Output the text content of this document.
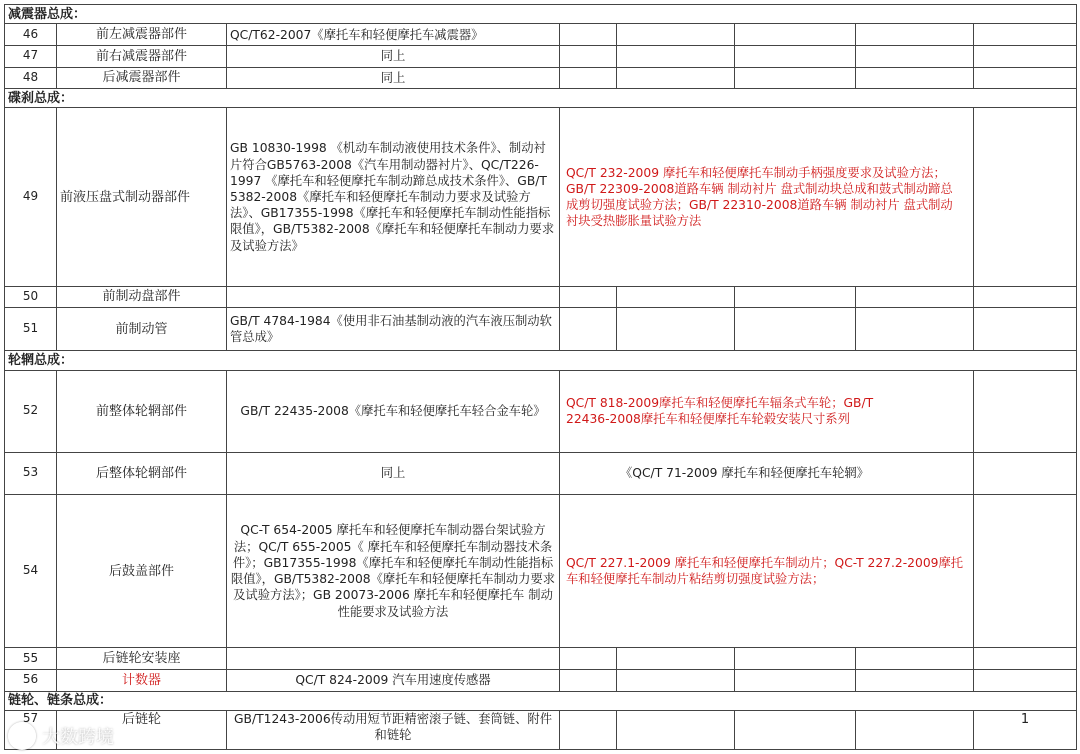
减震器总成：							
46	前左减震器部件	QC/T62-2007《摩托车和轻便摩托车减震器》					
47	前右减震器部件	同上					
48	后减震器部件	同上					
碟刹总成：							
49	前液压盘式制动器部件	GB 10830-1998 《机动车制动液使用技术条件》、制动衬片符合GB5763-2008《汽车用制动器衬片》、QC/T226- 1997 《摩托车和轻便摩托车制动蹄总成技术条件》、GB/T 5382-2008《摩托车和轻便摩托车制动力要求及试验方法》、GB17355-1998《摩托车和轻便摩托车制动性能指标限值》，GB/T5382-2008《摩托车和轻便摩托车制动力要求及试验方法》	QC/T 232-2009 摩托车和轻便摩托车制动手柄强度要求及试验方法； GB/T 22309-2008道路车辆 制动衬片 盘式制动块总成和鼓式制动蹄总成剪切强度试验方法；GB/T 22310-2008道路车辆 制动衬片 盘式制动衬块受热膨胀量试验方法				
50	前制动盘部件						
51	前制动管	GB/T 4784-1984《使用非石油基制动液的汽车液压制动软管总成》					
轮辋总成：							
52	前整体轮辋部件	GB/T 22435-2008《摩托车和轻便摩托车轻合金车轮》	QC/T 818-2009摩托车和轻便摩托车辐条式车轮；GB/T 22436-2008摩托车和轻便摩托车轮毂安装尺寸系列				
53	后整体轮辋部件	同上	《QC/T 71-2009 摩托车和轻便摩托车轮辋》				
54	后鼓盖部件	QC-T 654-2005 摩托车和轻便摩托车制动器台架试验方法；QC/T 655-2005《 摩托车和轻便摩托车制动器技术条件》；GB17355-1998《摩托车和轻便摩托车制动性能指标限值》，GB/T5382-2008《摩托车和轻便摩托车制动力要求及试验方法》；GB 20073-2006 摩托车和轻便摩托车 制动性能要求及试验方法	QC/T 227.1-2009 摩托车和轻便摩托车制动片；QC-T 227.2-2009摩托车和轻便摩托车制动片粘结剪切强度试验方法；				
55	后链轮安装座						
56	计数器	QC/T 824-2009 汽车用速度传感器					
链轮、链条总成：							
57	后链轮	GB/T1243-2006传动用短节距精密滚子链、套筒链、附件和链轮					1
大数跨境
